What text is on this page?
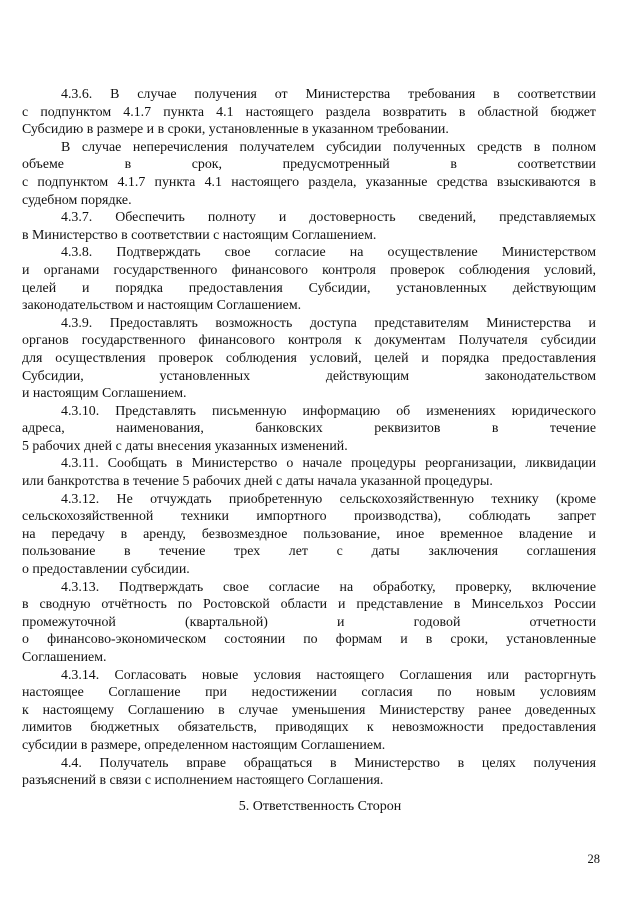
4.3.6. В случае получения от Министерства требования в соответствии
с подпунктом 4.1.7 пункта 4.1 настоящего раздела возвратить в областной бюджет
Субсидию в размере и в сроки, установленные в указанном требовании.

В случае неперечисления получателем субсидии полученных средств в полном
объеме в срок, предусмотренный в соответствии
с подпунктом 4.1.7 пункта 4.1 настоящего раздела, указанные средства взыскиваются в
судебном порядке.

4.3.7. Обеспечить полноту и достоверность сведений, представляемых
в Министерство в соответствии с настоящим Соглашением.

4.3.8. Подтверждать свое согласие на осуществление Министерством
и органами государственного финансового контроля проверок соблюдения условий,
целей и порядка предоставления Субсидии, установленных действующим
законодательством и настоящим Соглашением.

4.3.9. Предоставлять возможность доступа представителям Министерства и
органов государственного финансового контроля к документам Получателя субсидии
для осуществления проверок соблюдения условий, целей и порядка предоставления
Субсидии, установленных действующим законодательством
и настоящим Соглашением.

4.3.10. Представлять письменную информацию об изменениях юридического
адреса, наименования, банковских реквизитов в течение
5 рабочих дней с даты внесения указанных изменений.

4.3.11. Сообщать в Министерство о начале процедуры реорганизации, ликвидации
или банкротства в течение 5 рабочих дней с даты начала указанной процедуры.

4.3.12. Не отчуждать приобретенную сельскохозяйственную технику (кроме
сельскохозяйственной техники импортного производства), соблюдать запрет
на передачу в аренду, безвозмездное пользование, иное временное владение и
пользование в течение трех лет с даты заключения соглашения
о предоставлении субсидии.

4.3.13. Подтверждать свое согласие на обработку, проверку, включение
в сводную отчётность по Ростовской области и представление в Минсельхоз России
промежуточной (квартальной) и годовой отчетности
о финансово-экономическом состоянии по формам и в сроки, установленные
Соглашением.

4.3.14. Согласовать новые условия настоящего Соглашения или расторгнуть
настоящее Соглашение при недостижении согласия по новым условиям
к настоящему Соглашению в случае уменьшения Министерству ранее доведенных
лимитов бюджетных обязательств, приводящих к невозможности предоставления
субсидии в размере, определенном настоящим Соглашением.

4.4. Получатель вправе обращаться в Министерство в целях получения
разъяснений в связи с исполнением настоящего Соглашения.

5. Ответственность Сторон

28
